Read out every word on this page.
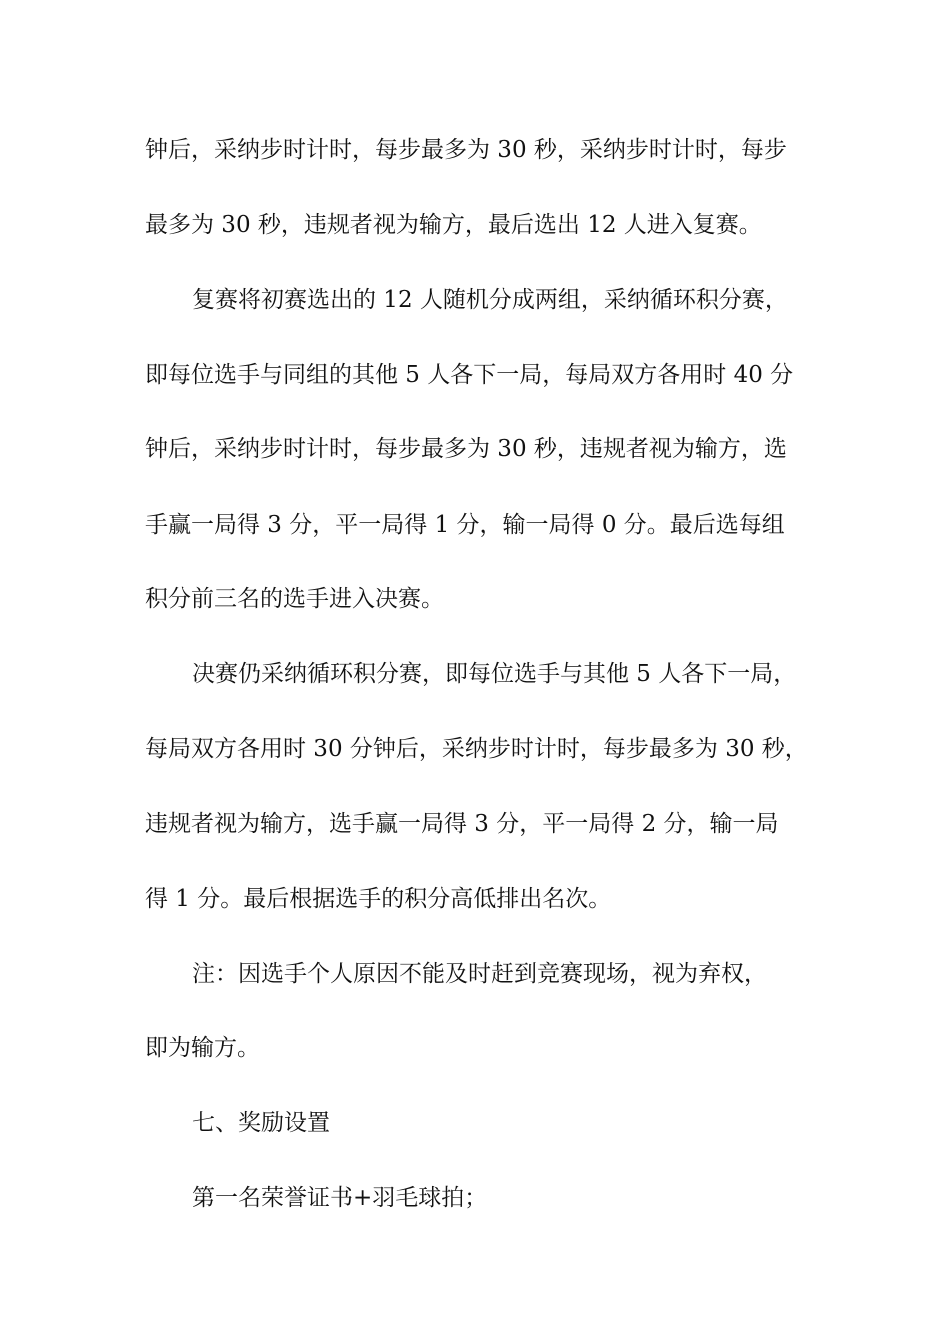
钟后，采纳步时计时，每步最多为 30 秒，采纳步时计时，每步
最多为 30 秒，违规者视为输方，最后选出 12 人进入复赛。
复赛将初赛选出的 12 人随机分成两组，采纳循环积分赛，
即每位选手与同组的其他 5 人各下一局，每局双方各用时 40 分
钟后，采纳步时计时，每步最多为 30 秒，违规者视为输方，选
手赢一局得 3 分，平一局得 1 分，输一局得 0 分。最后选每组
积分前三名的选手进入决赛。
决赛仍采纳循环积分赛，即每位选手与其他 5 人各下一局，
每局双方各用时 30 分钟后，采纳步时计时，每步最多为 30 秒，
违规者视为输方，选手赢一局得 3 分，平一局得 2 分，输一局
得 1 分。最后根据选手的积分高低排出名次。
注：因选手个人原因不能及时赶到竞赛现场，视为弃权，
即为输方。
七、奖励设置
第一名荣誉证书+羽毛球拍；
